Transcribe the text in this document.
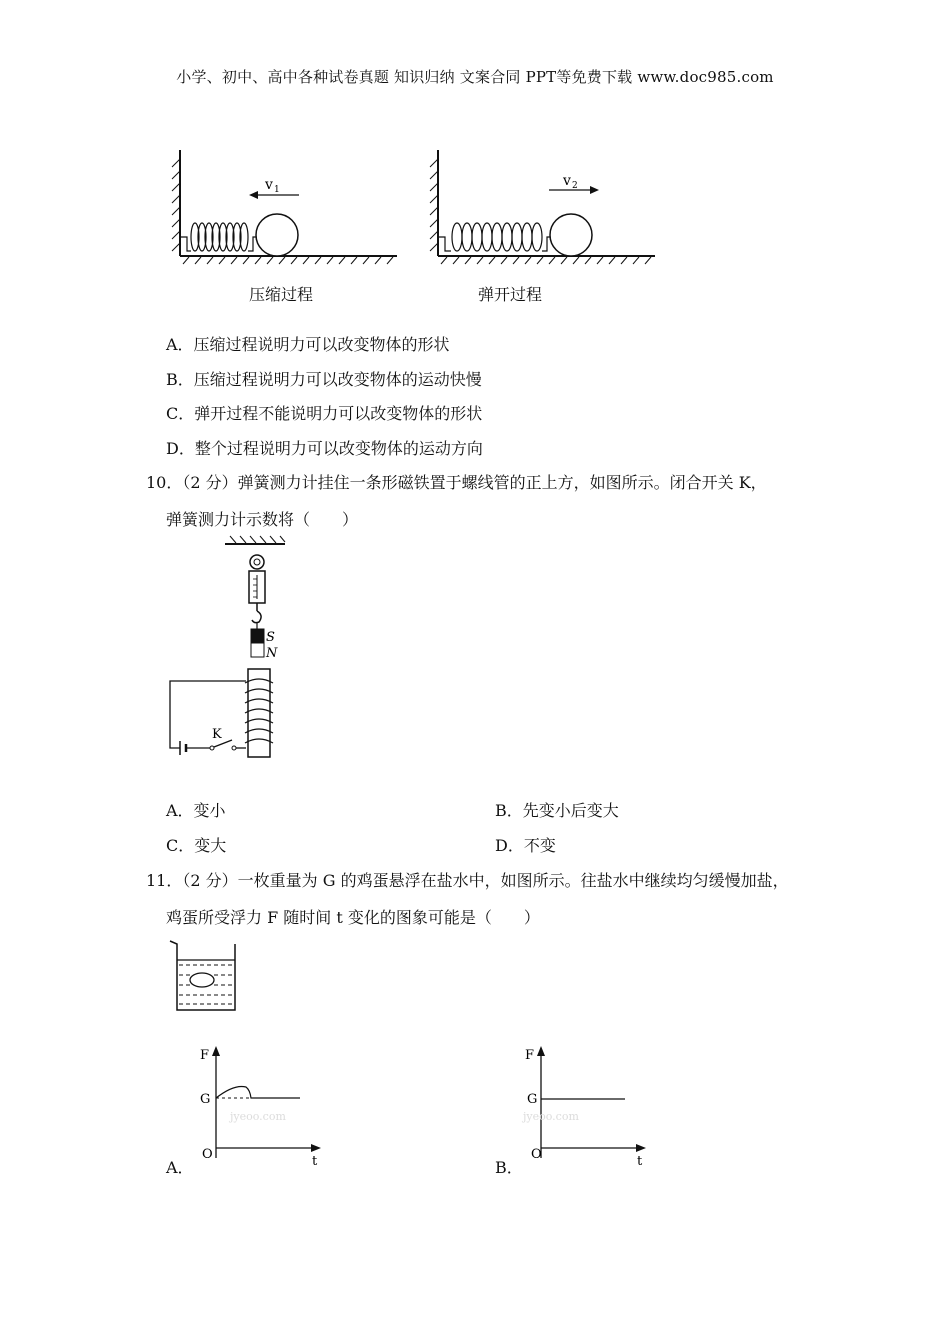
小学、初中、高中各种试卷真题 知识归纳 文案合同 PPT等免费下载 www.doc985.com
v 1
v 2
压缩过程	弹开过程
A．压缩过程说明力可以改变物体的形状
B．压缩过程说明力可以改变物体的运动快慢
C．弹开过程不能说明力可以改变物体的形状
D．整个过程说明力可以改变物体的运动方向
10．（2 分）弹簧测力计挂住一条形磁铁置于螺线管的正上方，如图所示。闭合开关 K，
弹簧测力计示数将（　　）
S
N
K
A．变小	B．先变小后变大
C．变大	D．不变
11．（2 分）一枚重量为 G 的鸡蛋悬浮在盐水中，如图所示。往盐水中继续均匀缓慢加盐，
鸡蛋所受浮力 F 随时间 t 变化的图象可能是（　　）
F
t
O
G
jyeoo.com
A．
F
t
O
G
jyeoo.com
B．
